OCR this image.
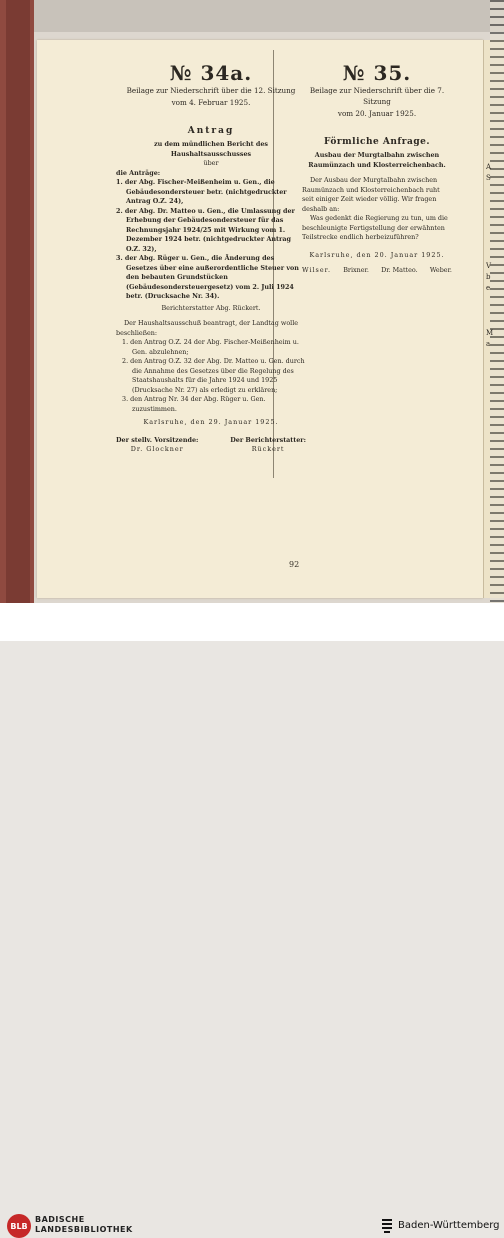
A
S
V
b
e
M
a
№ 34a.
Beilage zur Niederschrift über die 12. Sitzung
vom 4. Februar 1925.
Antrag
zu dem mündlichen Bericht des Haushaltsausschusses
über
die Anträge:
1. der Abg. Fischer-Meißenheim u. Gen., die Gebäudesondersteuer betr. (nichtgedruckter Antrag O.Z. 24),
2. der Abg. Dr. Matteo u. Gen., die Umlassung der Erhebung der Gebäudesondersteuer für das Rechnungsjahr 1924/25 mit Wirkung vom 1. Dezember 1924 betr. (nichtgedruckter Antrag O.Z. 32),
3. der Abg. Rüger u. Gen., die Änderung des Gesetzes über eine außerordentliche Steuer von den bebauten Grundstücken (Gebäudesondersteuergesetz) vom 2. Juli 1924 betr. (Drucksache Nr. 34).
Berichterstatter Abg. Rückert.
Der Haushaltsausschuß beantragt, der Landtag wolle beschließen:
1. den Antrag O.Z. 24 der Abg. Fischer-Meißenheim u. Gen. abzulehnen;
2. den Antrag O.Z. 32 der Abg. Dr. Matteo u. Gen. durch die Annahme des Gesetzes über die Regelung des Staatshaushalts für die Jahre 1924 und 1925 (Drucksache Nr. 27) als erledigt zu erklären;
3. den Antrag Nr. 34 der Abg. Rüger u. Gen. zuzustimmen.
Karlsruhe, den 29. Januar 1925.
Der stellv. Vorsitzende:
Dr. Glockner
Der Berichterstatter:
Rückert
№ 35.
Beilage zur Niederschrift über die 7. Sitzung
vom 20. Januar 1925.
Förmliche Anfrage.
Ausbau der Murgtalbahn zwischen Raumünzach und Klosterreichenbach.
Der Ausbau der Murgtalbahn zwischen Raumünzach und Klosterreichenbach ruht seit einiger Zeit wieder völlig. Wir fragen deshalb an:
Was gedenkt die Regierung zu tun, um die beschleunigte Fertigstellung der erwähnten Teilstrecke endlich herbeizuführen?
Karlsruhe, den 20. Januar 1925.
Wilser. Brixner. Dr. Matteo. Weber.
92
BLB
BADISCHE
LANDESBIBLIOTHEK	Baden-Württemberg
